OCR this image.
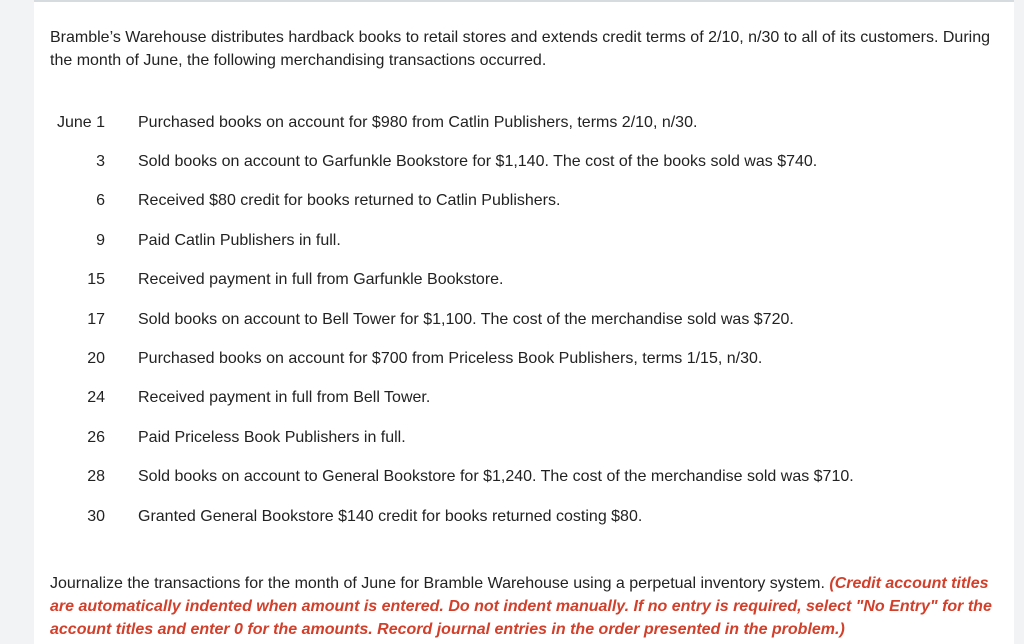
Bramble’s Warehouse distributes hardback books to retail stores and extends credit terms of 2/10, n/30 to all of its customers. During the month of June, the following merchandising transactions occurred.

June 1 Purchased books on account for $980 from Catlin Publishers, terms 2/10, n/30.
3 Sold books on account to Garfunkle Bookstore for $1,140. The cost of the books sold was $740.
6 Received $80 credit for books returned to Catlin Publishers.
9 Paid Catlin Publishers in full.
15 Received payment in full from Garfunkle Bookstore.
17 Sold books on account to Bell Tower for $1,100. The cost of the merchandise sold was $720.
20 Purchased books on account for $700 from Priceless Book Publishers, terms 1/15, n/30.
24 Received payment in full from Bell Tower.
26 Paid Priceless Book Publishers in full.
28 Sold books on account to General Bookstore for $1,240. The cost of the merchandise sold was $710.
30 Granted General Bookstore $140 credit for books returned costing $80.

Journalize the transactions for the month of June for Bramble Warehouse using a perpetual inventory system. (Credit account titles are automatically indented when amount is entered. Do not indent manually. If no entry is required, select "No Entry" for the account titles and enter 0 for the amounts. Record journal entries in the order presented in the problem.)
